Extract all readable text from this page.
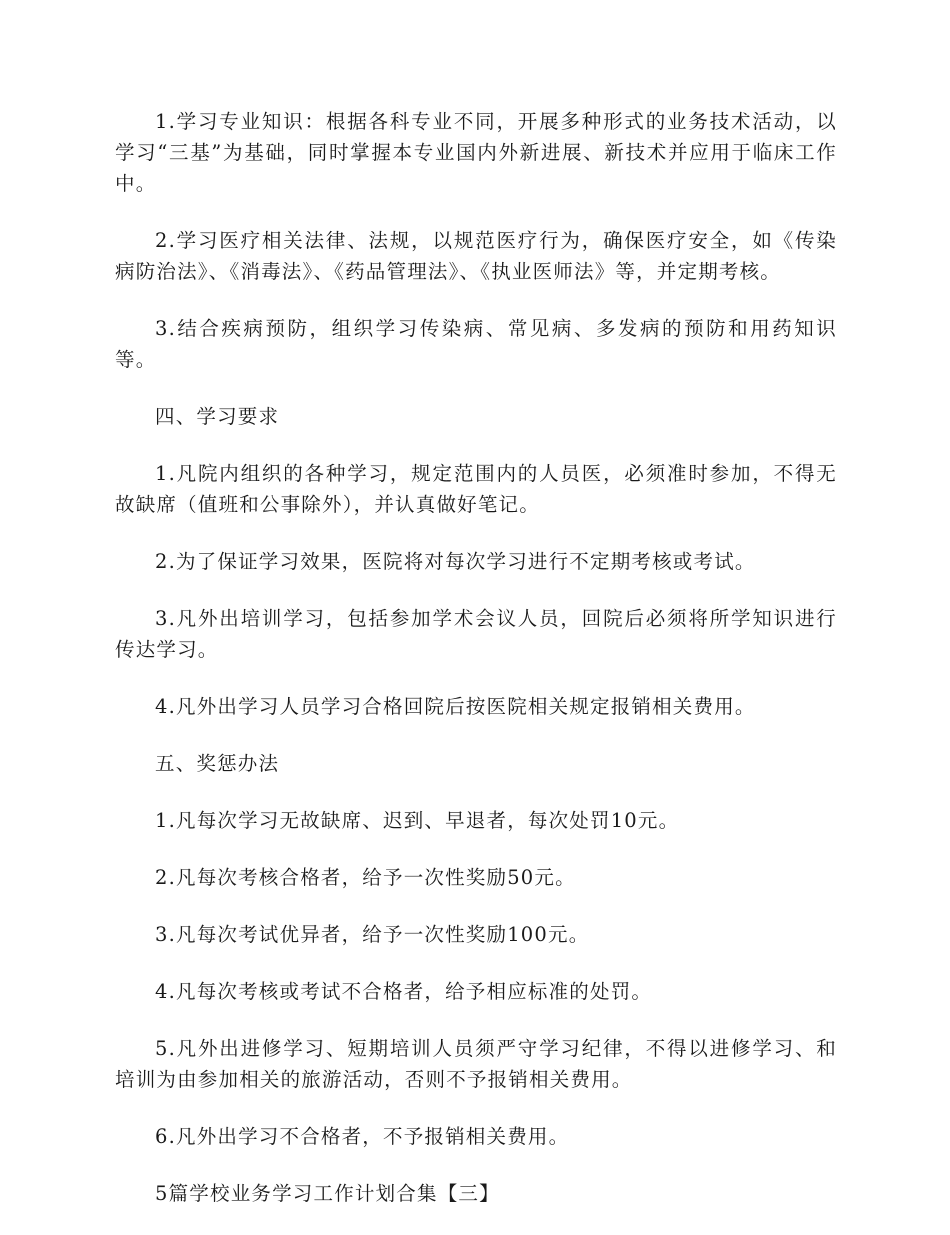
1.学习专业知识：根据各科专业不同，开展多种形式的业务技术活动，以学习“三基”为基础，同时掌握本专业国内外新进展、新技术并应用于临床工作中。

2.学习医疗相关法律、法规，以规范医疗行为，确保医疗安全，如《传染病防治法》、《消毒法》、《药品管理法》、《执业医师法》等，并定期考核。

3.结合疾病预防，组织学习传染病、常见病、多发病的预防和用药知识等。

四、学习要求

1.凡院内组织的各种学习，规定范围内的人员医，必须准时参加，不得无故缺席（值班和公事除外），并认真做好笔记。

2.为了保证学习效果，医院将对每次学习进行不定期考核或考试。

3.凡外出培训学习，包括参加学术会议人员，回院后必须将所学知识进行传达学习。

4.凡外出学习人员学习合格回院后按医院相关规定报销相关费用。

五、奖惩办法

1.凡每次学习无故缺席、迟到、早退者，每次处罚10元。

2.凡每次考核合格者，给予一次性奖励50元。

3.凡每次考试优异者，给予一次性奖励100元。

4.凡每次考核或考试不合格者，给予相应标准的处罚。

5.凡外出进修学习、短期培训人员须严守学习纪律，不得以进修学习、和培训为由参加相关的旅游活动，否则不予报销相关费用。

6.凡外出学习不合格者，不予报销相关费用。

5篇学校业务学习工作计划合集【三】
